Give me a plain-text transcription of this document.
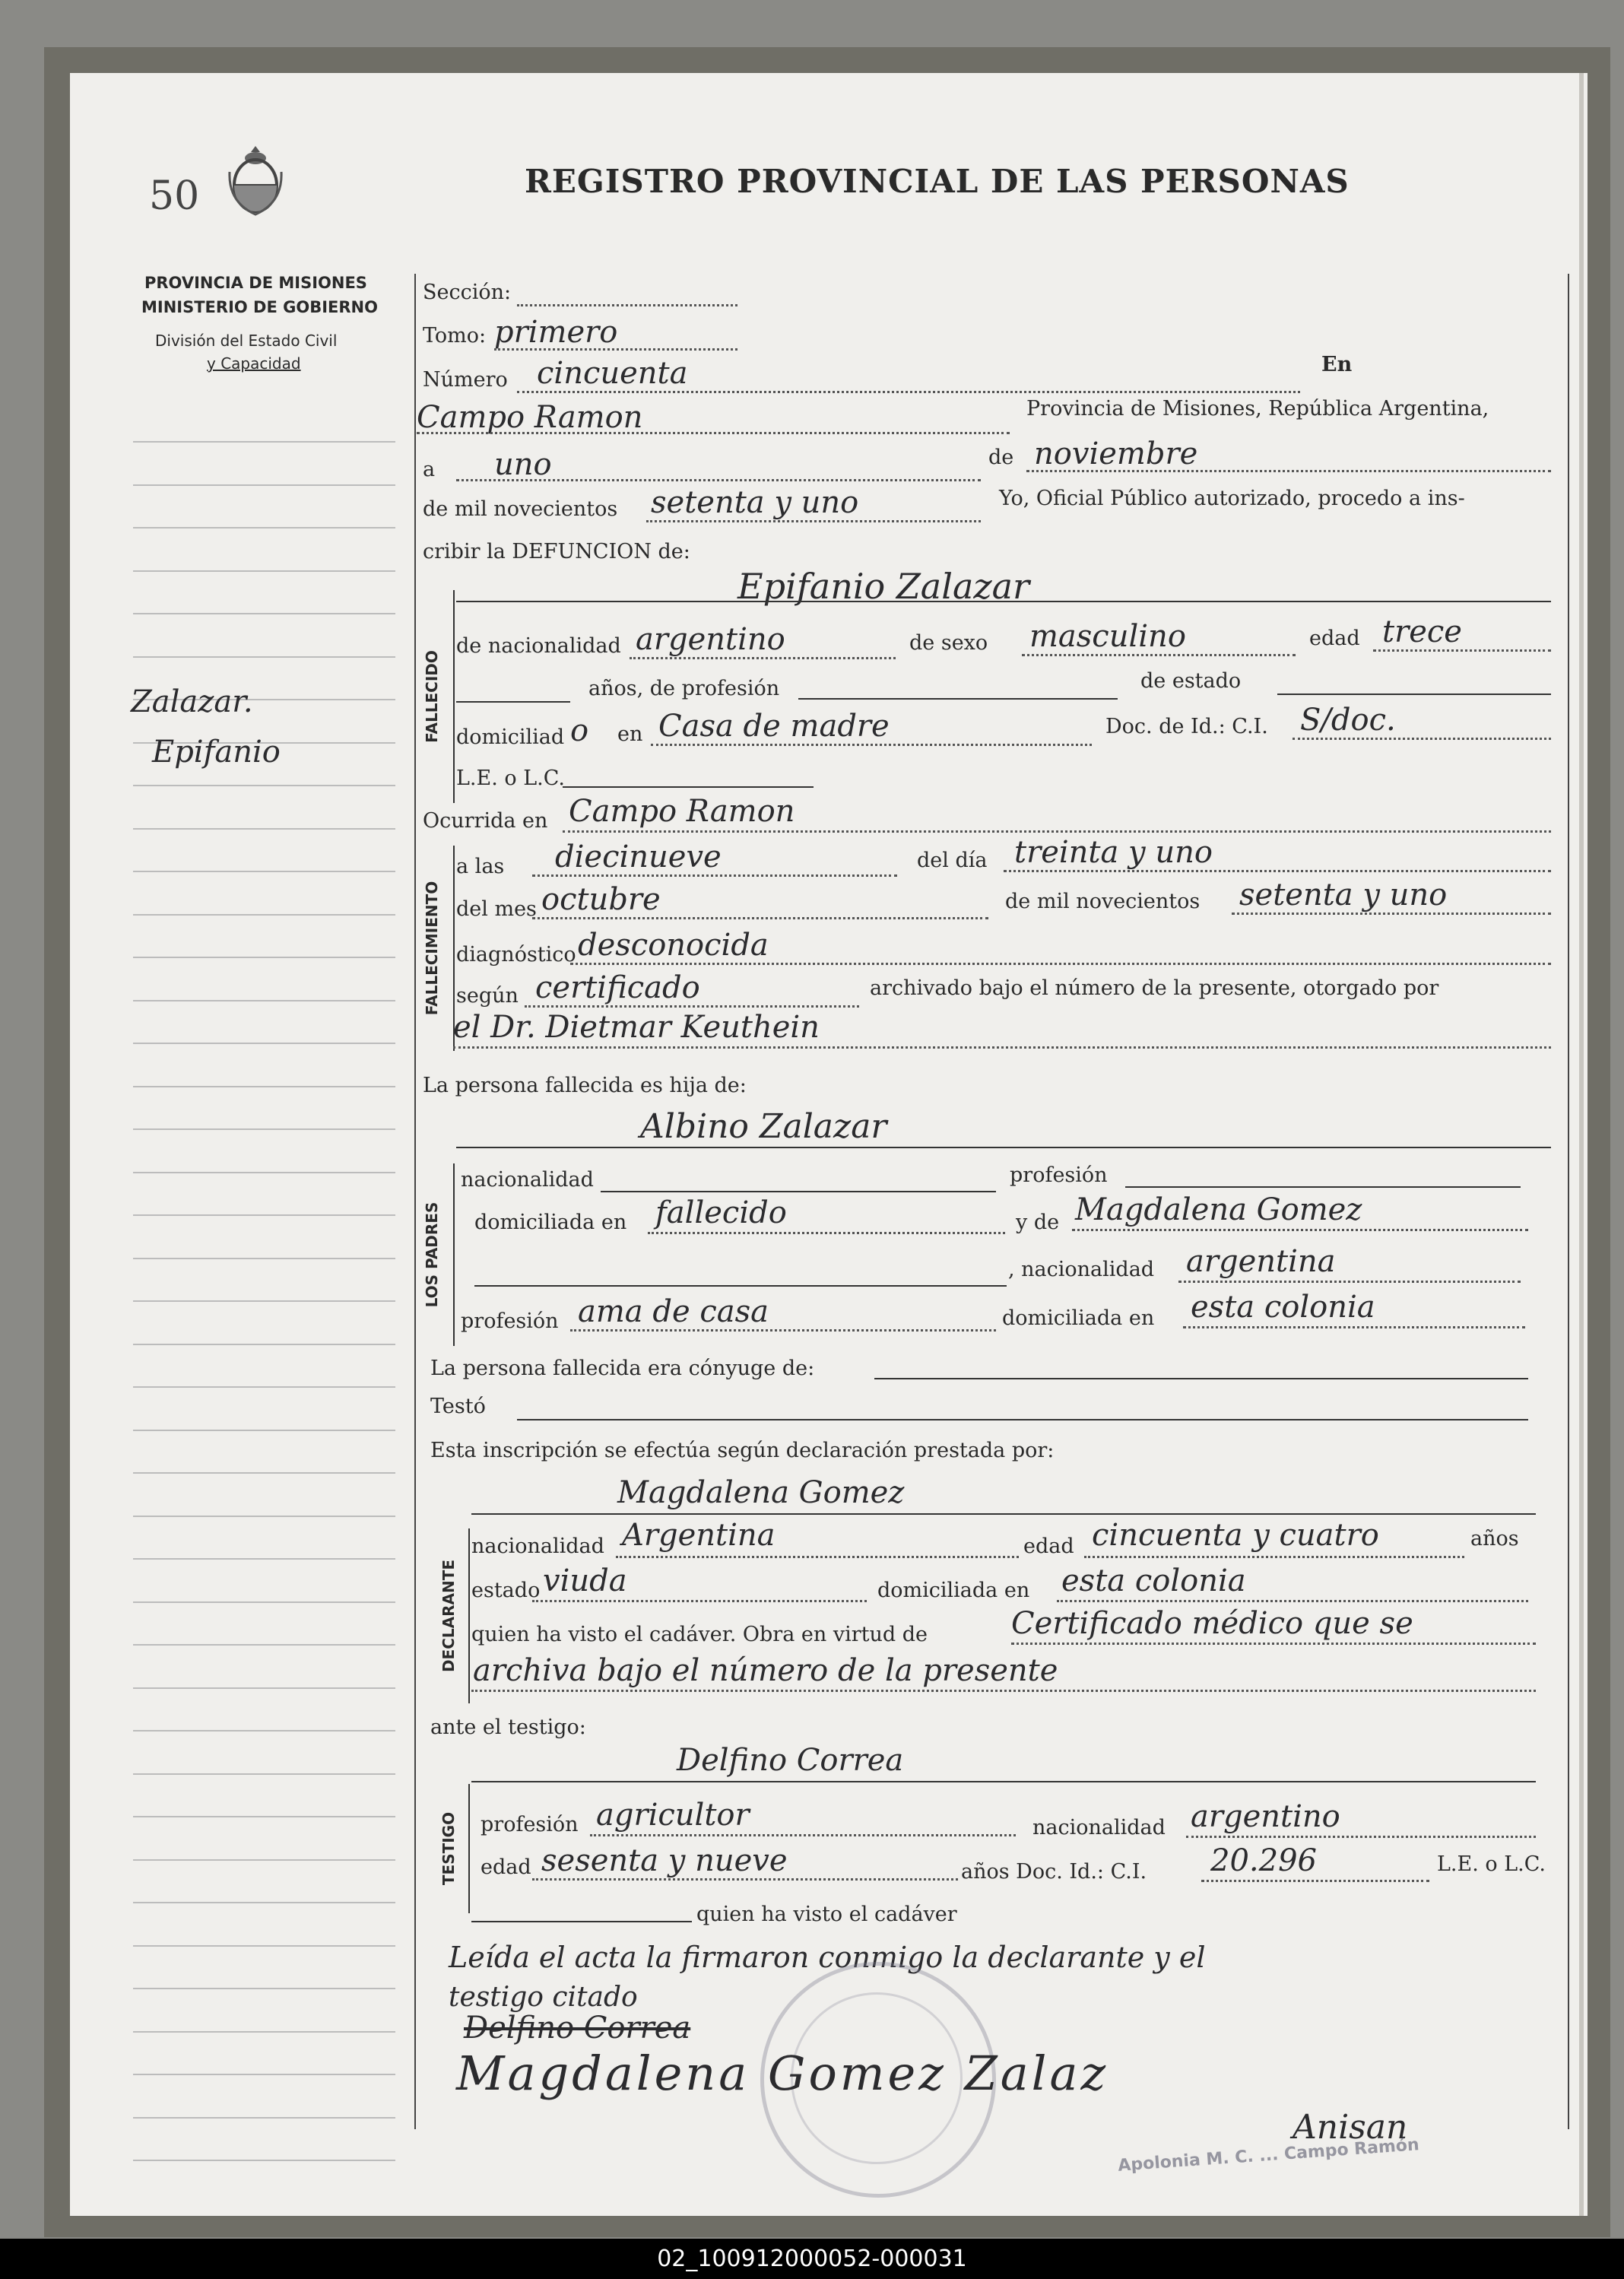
50	REGISTRO PROVINCIAL DE LAS PERSONAS
PROVINCIA DE MISIONES
MINISTERIO DE GOBIERNO
División del Estado Civil
y Capacidad
Zalazar.
Epifanio
Sección:
Tomo: primero
Número cincuenta	En
Campo Ramon	Provincia de Misiones, República Argentina,
a uno	de noviembre
de mil novecientos setenta y uno	Yo, Oficial Público autorizado, procedo a ins-
cribir la DEFUNCION de:
FALLECIDO
Epifanio Zalazar
de nacionalidad argentino	de sexo masculino	edad trece
años, de profesión	de estado
domiciliad o en Casa de madre	Doc. de Id.: C.I. S/doc.
L.E. o L.C.
Ocurrida en Campo Ramon
FALLECIMIENTO
a las diecinueve	del día treinta y uno
del mes octubre	de mil novecientos setenta y uno
diagnóstico desconocida
según certificado	archivado bajo el número de la presente, otorgado por
el Dr. Dietmar Keuthein
La persona fallecida es hija de:
LOS PADRES
Albino Zalazar
nacionalidad	profesión
domiciliada en fallecido	y de Magdalena Gomez
, nacionalidad argentina
profesión ama de casa	domiciliada en esta colonia
La persona fallecida era cónyuge de:
Testó
Esta inscripción se efectúa según declaración prestada por:
DECLARANTE
Magdalena Gomez
nacionalidad Argentina	edad cincuenta y cuatro	años
estado viuda	domiciliada en esta colonia
quien ha visto el cadáver. Obra en virtud de	Certificado médico que se
archiva bajo el número de la presente
ante el testigo:
TESTIGO
Delfino Correa
profesión agricultor	nacionalidad argentino
edad sesenta y nueve	años Doc. Id.: C.I. 20.296	L.E. o L.C.
quien ha visto el cadáver
Leída el acta la firmaron conmigo la declarante y el
testigo citado
Delfino Correa
Magdalena Gomez Zalaz
Anisan
Apolonia M. C. ... Campo Ramón
02_100912000052-000031
